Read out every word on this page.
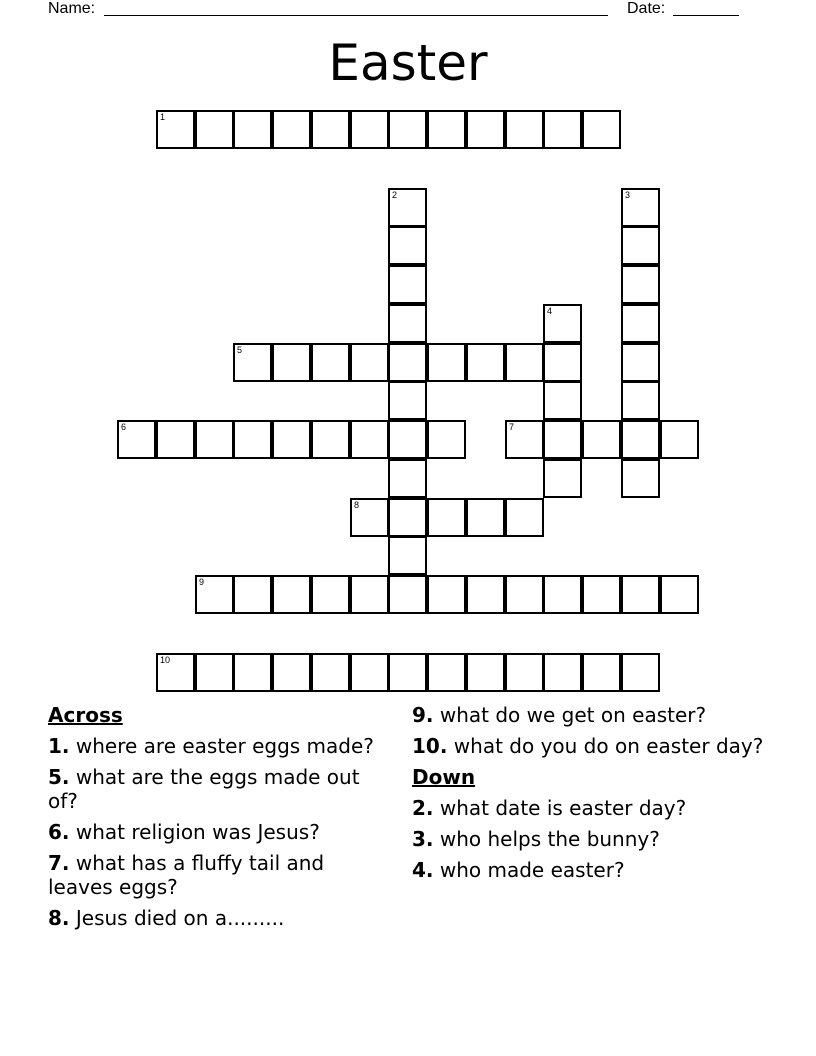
Name:	Date:
Easter
1
2	3
4
5
6	7
8
9
10
Across
1. where are easter eggs made?
5. what are the eggs made out of?
6. what religion was Jesus?
7. what has a fluffy tail and leaves eggs?
8. Jesus died on a.........
9. what do we get on easter?
10. what do you do on easter day?
Down
2. what date is easter day?
3. who helps the bunny?
4. who made easter?
